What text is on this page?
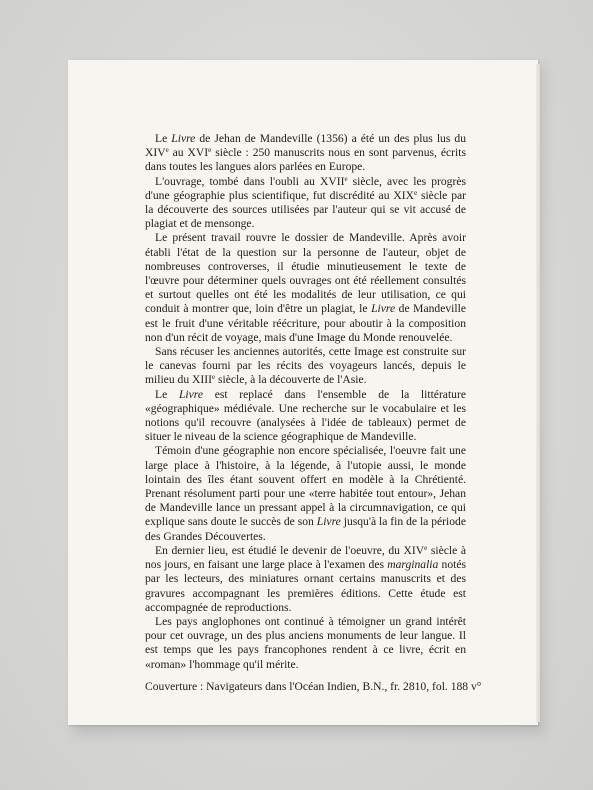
Le Livre de Jehan de Mandeville (1356) a été un des plus lus du XIVe au XVIe siècle : 250 manuscrits nous en sont parvenus, écrits dans toutes les langues alors parlées en Europe.

L'ouvrage, tombé dans l'oubli au XVIIe siècle, avec les progrès d'une géographie plus scientifique, fut discrédité au XIXe siècle par la découverte des sources utilisées par l'auteur qui se vit accusé de plagiat et de mensonge.

Le présent travail rouvre le dossier de Mandeville. Après avoir établi l'état de la question sur la personne de l'auteur, objet de nombreuses controverses, il étudie minutieusement le texte de l'œuvre pour déterminer quels ouvrages ont été réellement consultés et surtout quelles ont été les modalités de leur utilisation, ce qui conduit à montrer que, loin d'être un plagiat, le Livre de Mandeville est le fruit d'une véritable réécriture, pour aboutir à la composition non d'un récit de voyage, mais d'une Image du Monde renouvelée.

Sans récuser les anciennes autorités, cette Image est construite sur le canevas fourni par les récits des voyageurs lancés, depuis le milieu du XIIIe siècle, à la découverte de l'Asie.

Le Livre est replacé dans l'ensemble de la littérature «géographique» médiévale. Une recherche sur le vocabulaire et les notions qu'il recouvre (analysées à l'idée de tableaux) permet de situer le niveau de la science géographique de Mandeville.

Témoin d'une géographie non encore spécialisée, l'oeuvre fait une large place à l'histoire, à la légende, à l'utopie aussi, le monde lointain des îles étant souvent offert en modèle à la Chrétienté. Prenant résolument parti pour une «terre habitée tout entour», Jehan de Mandeville lance un pressant appel à la circumnavigation, ce qui explique sans doute le succès de son Livre jusqu'à la fin de la période des Grandes Découvertes.

En dernier lieu, est étudié le devenir de l'oeuvre, du XIVe siècle à nos jours, en faisant une large place à l'examen des marginalia notés par les lecteurs, des miniatures ornant certains manuscrits et des gravures accompagnant les premières éditions. Cette étude est accompagnée de reproductions.

Les pays anglophones ont continué à témoigner un grand intérêt pour cet ouvrage, un des plus anciens monuments de leur langue. Il est temps que les pays francophones rendent à ce livre, écrit en «roman» l'hommage qu'il mérite.

Couverture : Navigateurs dans l'Océan Indien, B.N., fr. 2810, fol. 188 v°
